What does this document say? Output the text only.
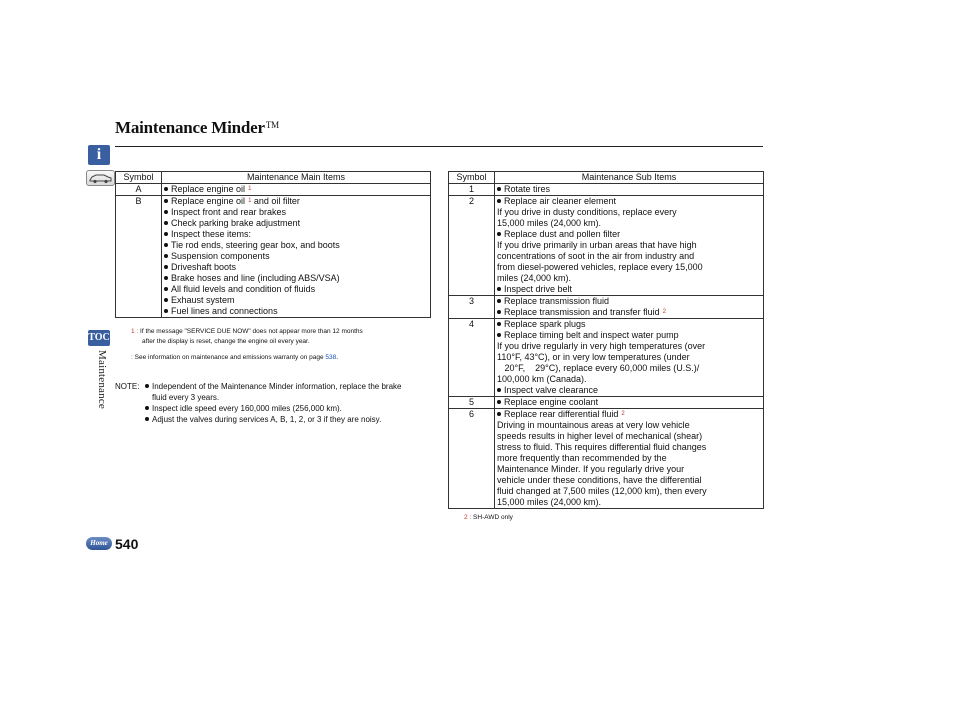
Maintenance Minder™
i
TOC
Maintenance
Home 540
Symbol	Maintenance Main Items
A	Replace engine oil $^1$
B	Replace engine oil $^1$ and oil filter
	Inspect front and rear brakes
	Check parking brake adjustment
	Inspect these items:
	Tie rod ends, steering gear box, and boots
	Suspension components
	Driveshaft boots
	Brake hoses and line (including ABS/VSA)
	All fluid levels and condition of fluids
	Exhaust system
	Fuel lines and connections
Symbol	Maintenance Sub Items
1	Rotate tires
2	Replace air cleaner element
	If you drive in dusty conditions, replace every
	15,000 miles (24,000 km).
	Replace dust and pollen filter
	If you drive primarily in urban areas that have high
	concentrations of soot in the air from industry and
	from diesel-powered vehicles, replace every 15,000
	miles (24,000 km).
	Inspect drive belt
3	Replace transmission fluid
	Replace transmission and transfer fluid $^2$
4	Replace spark plugs
	Replace timing belt and inspect water pump
	If you drive regularly in very high temperatures (over
	110°F, 43°C), or in very low temperatures (under
	20°F,    29°C), replace every 60,000 miles (U.S.)/
	100,000 km (Canada).
	Inspect valve clearance
5	Replace engine coolant
6	Replace rear differential fluid $^2$
	Driving in mountainous areas at very low vehicle
	speeds results in higher level of mechanical (shear)
	stress to fluid. This requires differential fluid changes
	more frequently than recommended by the
	Maintenance Minder. If you regularly drive your
	vehicle under these conditions, have the differential
	fluid changed at 7,500 miles (12,000 km), then every
	15,000 miles (24,000 km).
1 : If the message "SERVICE DUE NOW" does not appear more than 12 months
after the display is reset, change the engine oil every year.
: See information on maintenance and emissions warranty on page 538.
NOTE:	Independent of the Maintenance Minder information, replace the brake
fluid every 3 years.
Inspect idle speed every 160,000 miles (256,000 km).
Adjust the valves during services A, B, 1, 2, or 3 if they are noisy.
2 : SH-AWD only
